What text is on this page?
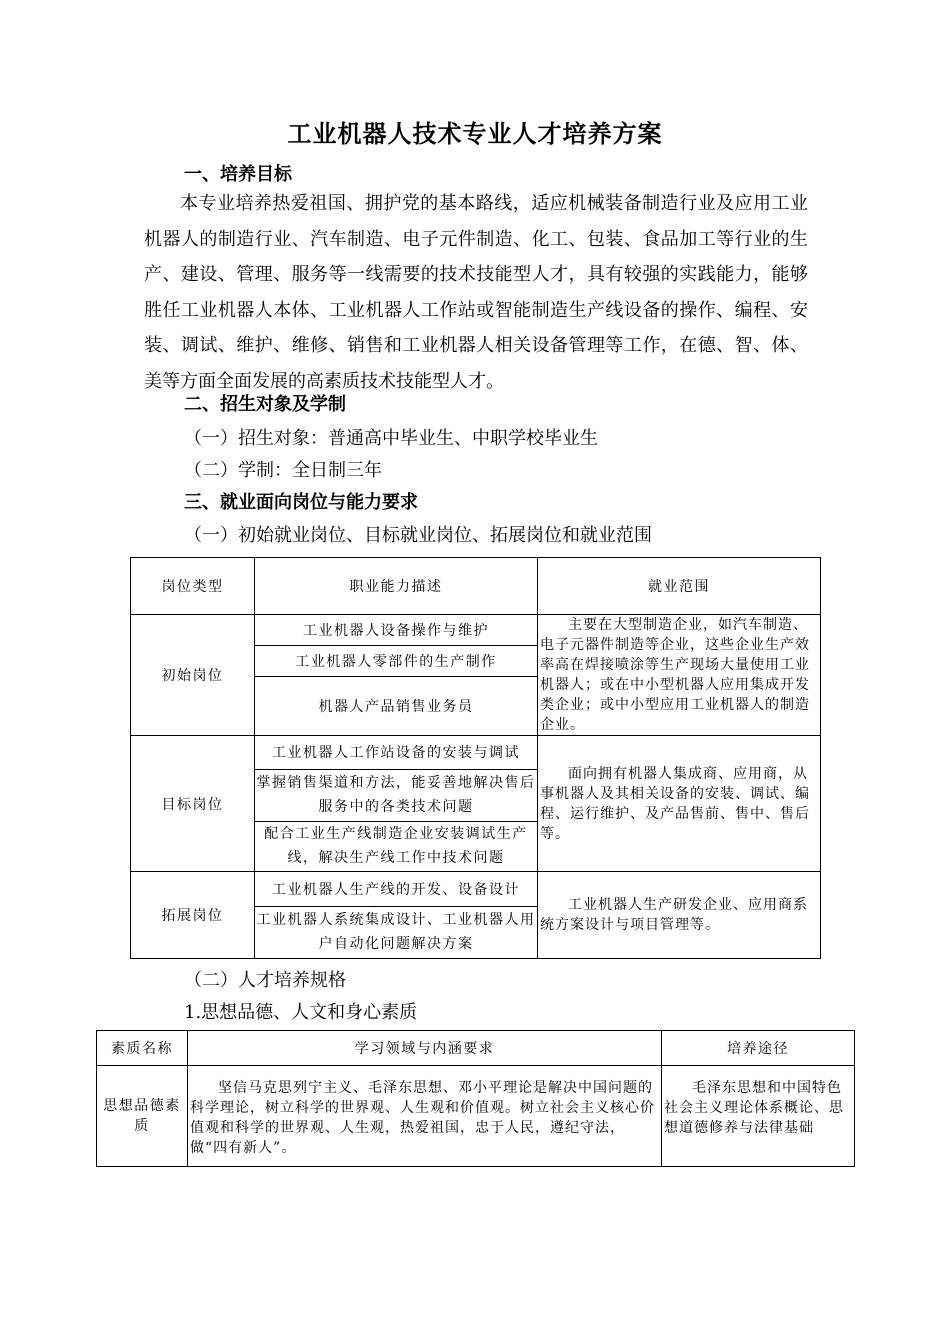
工业机器人技术专业人才培养方案
一、培养目标

本专业培养热爱祖国、拥护党的基本路线，适应机械装备制造行业及应用工业机器人的制造行业、汽车制造、电子元件制造、化工、包装、食品加工等行业的生产、建设、管理、服务等一线需要的技术技能型人才，具有较强的实践能力，能够胜任工业机器人本体、工业机器人工作站或智能制造生产线设备的操作、编程、安装、调试、维护、维修、销售和工业机器人相关设备管理等工作，在德、智、体、美等方面全面发展的高素质技术技能型人才。

二、招生对象及学制
（一）招生对象：普通高中毕业生、中职学校毕业生
（二）学制：全日制三年
三、就业面向岗位与能力要求
（一）初始就业岗位、目标就业岗位、拓展岗位和就业范围
岗位类型	职业能力描述	就业范围
初始岗位	
工业机器人设备操作与维护
工业机器人零部件的生产制作
机器人产品销售业务员
	主要在大型制造企业，如汽车制造、电子元器件制造等企业，这些企业生产效率高在焊接喷涂等生产现场大量使用工业机器人；或在中小型机器人应用集成开发类企业；或中小型应用工业机器人的制造企业。
目标岗位	
工业机器人工作站设备的安装与调试
掌握销售渠道和方法，能妥善地解决售后服务中的各类技术问题
配合工业生产线制造企业安装调试生产线，解决生产线工作中技术问题
	面向拥有机器人集成商、应用商，从事机器人及其相关设备的安装、调试、编程、运行维护、及产品售前、售中、售后等。
拓展岗位	
工业机器人生产线的开发、设备设计
工业机器人系统集成设计、工业机器人用户自动化问题解决方案
	工业机器人生产研发企业、应用商系统方案设计与项目管理等。
（二）人才培养规格
1.思想品德、人文和身心素质
素质名称	学习领域与内涵要求	培养途径
思想品德素质	坚信马克思列宁主义、毛泽东思想、邓小平理论是解决中国问题的科学理论，树立科学的世界观、人生观和价值观。树立社会主义核心价值观和科学的世界观、人生观，热爱祖国，忠于人民，遵纪守法，做“四有新人”。	毛泽东思想和中国特色社会主义理论体系概论、思想道德修养与法律基础
